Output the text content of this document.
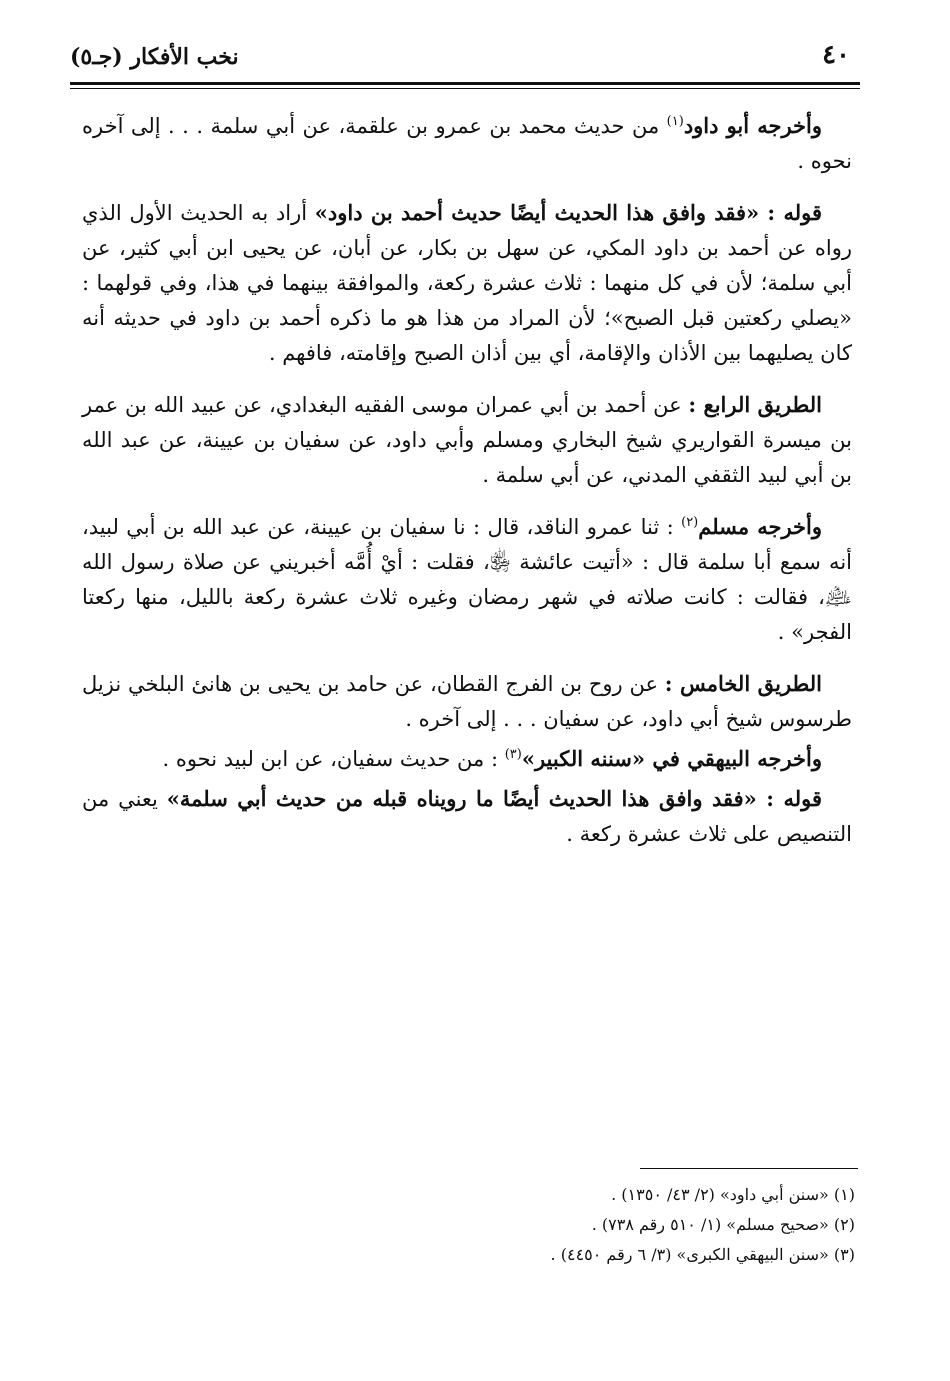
٤٠
نخب الأفكار (جـ٥)

وأخرجه أبو داود$^{(١)}$ من حديث محمد بن عمرو بن علقمة، عن أبي سلمة . . . إلى آخره نحوه .

قوله : «فقد وافق هذا الحديث أيضًا حديث أحمد بن داود» أراد به الحديث الأول الذي رواه عن أحمد بن داود المكي، عن سهل بن بكار، عن أبان، عن يحيى ابن أبي كثير، عن أبي سلمة؛ لأن في كل منهما : ثلاث عشرة ركعة، والموافقة بينهما في هذا، وفي قولهما : «يصلي ركعتين قبل الصبح»؛ لأن المراد من هذا هو ما ذكره أحمد بن داود في حديثه أنه كان يصليهما بين الأذان والإقامة، أي بين أذان الصبح وإقامته، فافهم .

الطريق الرابع : عن أحمد بن أبي عمران موسى الفقيه البغدادي، عن عبيد الله بن عمر بن ميسرة القواريري شيخ البخاري ومسلم وأبي داود، عن سفيان بن عيينة، عن عبد الله بن أبي لبيد الثقفي المدني، عن أبي سلمة .

وأخرجه مسلم$^{(٢)}$ : ثنا عمرو الناقد، قال : نا سفيان بن عيينة، عن عبد الله بن أبي لبيد، أنه سمع أبا سلمة قال : «أتيت عائشة ﵂، فقلت : أيْ أُمَّه أخبريني عن صلاة رسول الله ﵇، فقالت : كانت صلاته في شهر رمضان وغيره ثلاث عشرة ركعة بالليل، منها ركعتا الفجر» .

الطريق الخامس : عن روح بن الفرج القطان، عن حامد بن يحيى بن هانئ البلخي نزيل طرسوس شيخ أبي داود، عن سفيان . . . إلى آخره .

وأخرجه البيهقي في «سننه الكبير»$^{(٣)}$ : من حديث سفيان، عن ابن لبيد نحوه .

قوله : «فقد وافق هذا الحديث أيضًا ما رويناه قبله من حديث أبي سلمة» يعني من التنصيص على ثلاث عشرة ركعة .

(١) «سنن أبي داود» (٢/ ٤٣/ ١٣٥٠) .

(٢) «صحيح مسلم» (١/ ٥١٠ رقم ٧٣٨) .

(٣) «سنن البيهقي الكبرى» (٣/ ٦ رقم ٤٤٥٠) .
